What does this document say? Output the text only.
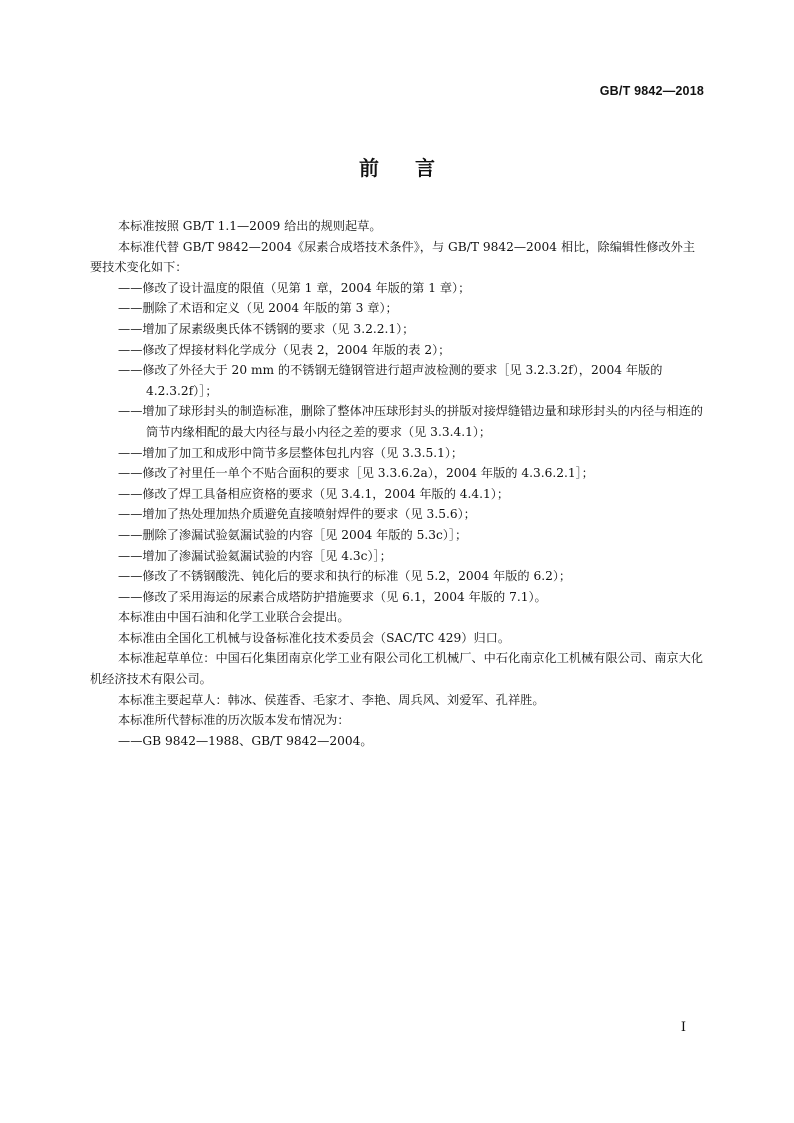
GB/T 9842—2018
前言

本标准按照 GB/T 1.1—2009 给出的规则起草。

本标准代替 GB/T 9842—2004《尿素合成塔技术条件》，与 GB/T 9842—2004 相比，除编辑性修改外主要技术变化如下：

——修改了设计温度的限值（见第 1 章，2004 年版的第 1 章）；

——删除了术语和定义（见 2004 年版的第 3 章）；

——增加了尿素级奥氏体不锈钢的要求（见 3.2.2.1）；

——修改了焊接材料化学成分（见表 2，2004 年版的表 2）；

——修改了外径大于 20 mm 的不锈钢无缝钢管进行超声波检测的要求［见 3.2.3.2f），2004 年版的 4.2.3.2f）］；

——增加了球形封头的制造标准，删除了整体冲压球形封头的拼版对接焊缝错边量和球形封头的内径与相连的筒节内缘相配的最大内径与最小内径之差的要求（见 3.3.4.1）；

——增加了加工和成形中筒节多层整体包扎内容（见 3.3.5.1）；

——修改了衬里任一单个不贴合面积的要求［见 3.3.6.2a），2004 年版的 4.3.6.2.1］；

——修改了焊工具备相应资格的要求（见 3.4.1，2004 年版的 4.4.1）；

——增加了热处理加热介质避免直接喷射焊件的要求（见 3.5.6）；

——删除了渗漏试验氨漏试验的内容［见 2004 年版的 5.3c）］；

——增加了渗漏试验氦漏试验的内容［见 4.3c）］；

——修改了不锈钢酸洗、钝化后的要求和执行的标准（见 5.2，2004 年版的 6.2）；

——修改了采用海运的尿素合成塔防护措施要求（见 6.1，2004 年版的 7.1）。

本标准由中国石油和化学工业联合会提出。

本标准由全国化工机械与设备标准化技术委员会（SAC/TC 429）归口。

本标准起草单位：中国石化集团南京化学工业有限公司化工机械厂、中石化南京化工机械有限公司、南京大化机经济技术有限公司。

本标准主要起草人：韩冰、侯莲香、毛家才、李艳、周兵风、刘爱军、孔祥胜。

本标准所代替标准的历次版本发布情况为：

——GB 9842—1988、GB/T 9842—2004。

I
